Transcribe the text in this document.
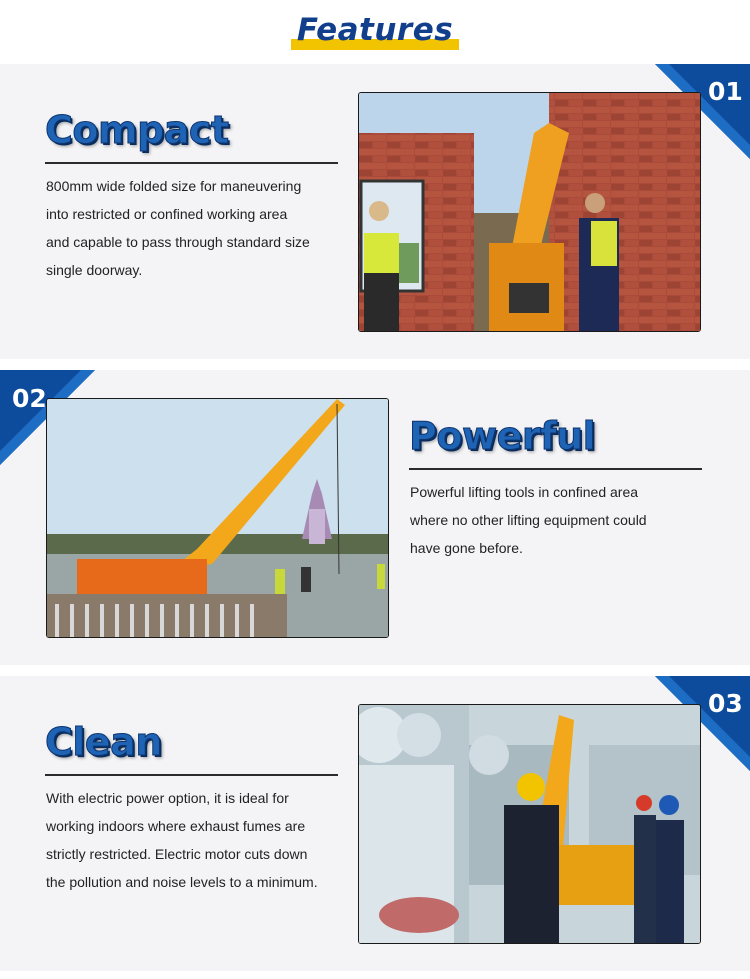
Features
01
Compact
800mm wide folded size for maneuvering
into restricted or confined working area
and capable to pass through standard size
single doorway.
02
Powerful
Powerful lifting tools in confined area
where no other lifting equipment could
have gone before.
03
Clean
With electric power option, it is ideal for
working indoors where exhaust fumes are
strictly restricted. Electric motor cuts down
the pollution and noise levels to a minimum.
